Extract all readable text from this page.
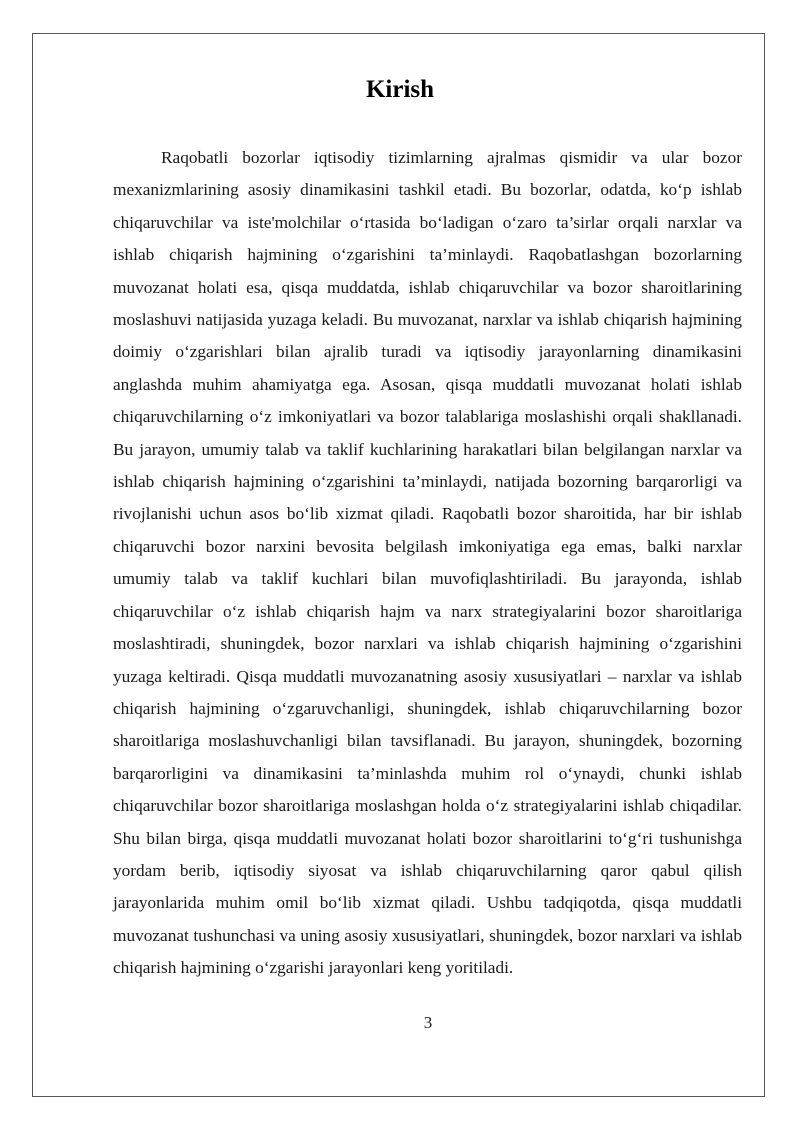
Kirish

Raqobatli bozorlar iqtisodiy tizimlarning ajralmas qismidir va ular bozor mexanizmlarining asosiy dinamikasini tashkil etadi. Bu bozorlar, odatda, ko‘p ishlab chiqaruvchilar va iste'molchilar o‘rtasida bo‘ladigan o‘zaro ta’sirlar orqali narxlar va ishlab chiqarish hajmining o‘zgarishini ta’minlaydi. Raqobatlashgan bozorlarning muvozanat holati esa, qisqa muddatda, ishlab chiqaruvchilar va bozor sharoitlarining moslashuvi natijasida yuzaga keladi. Bu muvozanat, narxlar va ishlab chiqarish hajmining doimiy o‘zgarishlari bilan ajralib turadi va iqtisodiy jarayonlarning dinamikasini anglashda muhim ahamiyatga ega. Asosan, qisqa muddatli muvozanat holati ishlab chiqaruvchilarning o‘z imkoniyatlari va bozor talablariga moslashishi orqali shakllanadi. Bu jarayon, umumiy talab va taklif kuchlarining harakatlari bilan belgilangan narxlar va ishlab chiqarish hajmining o‘zgarishini ta’minlaydi, natijada bozorning barqarorligi va rivojlanishi uchun asos bo‘lib xizmat qiladi. Raqobatli bozor sharoitida, har bir ishlab chiqaruvchi bozor narxini bevosita belgilash imkoniyatiga ega emas, balki narxlar umumiy talab va taklif kuchlari bilan muvofiqlashtiriladi. Bu jarayonda, ishlab chiqaruvchilar o‘z ishlab chiqarish hajm va narx strategiyalarini bozor sharoitlariga moslashtiradi, shuningdek, bozor narxlari va ishlab chiqarish hajmining o‘zgarishini yuzaga keltiradi. Qisqa muddatli muvozanatning asosiy xususiyatlari – narxlar va ishlab chiqarish hajmining o‘zgaruvchanligi, shuningdek, ishlab chiqaruvchilarning bozor sharoitlariga moslashuvchanligi bilan tavsiflanadi. Bu jarayon, shuningdek, bozorning barqarorligini va dinamikasini ta’minlashda muhim rol o‘ynaydi, chunki ishlab chiqaruvchilar bozor sharoitlariga moslashgan holda o‘z strategiyalarini ishlab chiqadilar. Shu bilan birga, qisqa muddatli muvozanat holati bozor sharoitlarini to‘g‘ri tushunishga yordam berib, iqtisodiy siyosat va ishlab chiqaruvchilarning qaror qabul qilish jarayonlarida muhim omil bo‘lib xizmat qiladi. Ushbu tadqiqotda, qisqa muddatli muvozanat tushunchasi va uning asosiy xususiyatlari, shuningdek, bozor narxlari va ishlab chiqarish hajmining o‘zgarishi jarayonlari keng yoritiladi.

3
